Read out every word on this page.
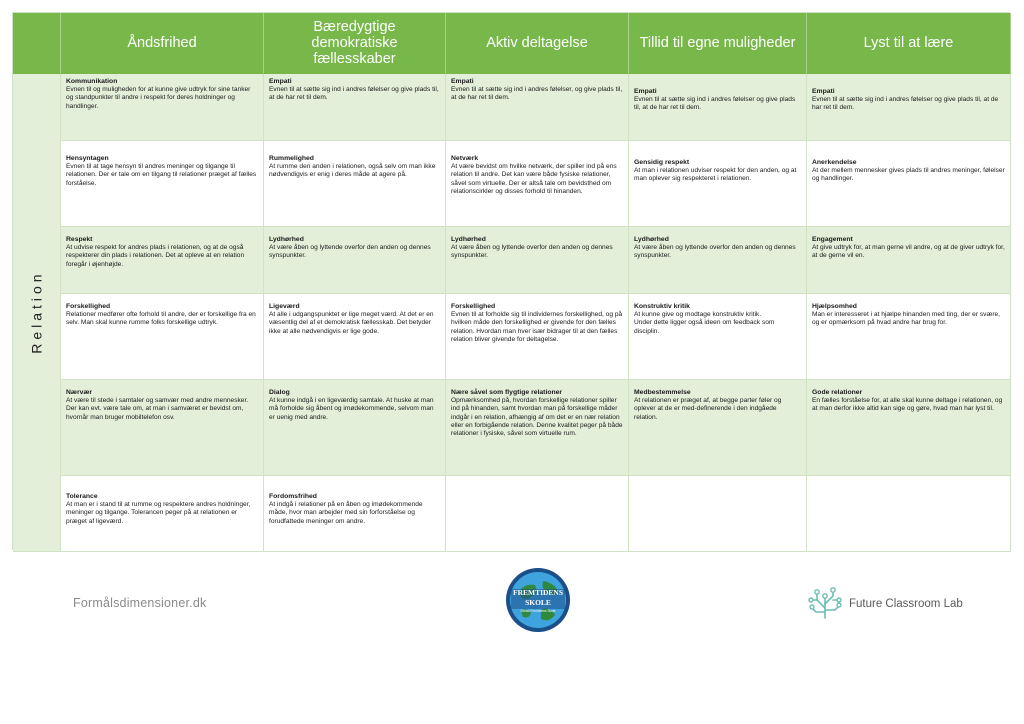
Åndsfrihed
Bæredygtige demokratiske fællesskaber
Aktiv deltagelse	Tillid til egne muligheder	Lyst til at lære
Relation
Kommunikation

Evnen til og muligheden for at kunne give udtryk for sine tanker og standpunkter til andre i respekt for deres holdninger og handlinger.

Empati

Evnen til at sætte sig ind i andres følelser og give plads til, at de har ret til dem.

Empati

Evnen til at sætte sig ind i andres følelser, og give plads til, at de har ret til dem.

Empati

Evnen til at sætte sig ind i andres følelser og give plads til, at de har ret til dem.

Empati

Evnen til at sætte sig ind i andres følelser og give plads til, at de har ret til dem.

Hensyntagen

Evnen til at tage hensyn til andres meninger og tilgange til relationen. Der er tale om en tilgang til relationer præget af fælles forståelse.

Rummelighed

At rumme den anden i relationen, også selv om man ikke nødvendigvis er enig i deres måde at agere på.

Netværk

At være bevidst om hvilke netværk, der spiller ind på ens relation til andre. Det kan være både fysiske relationer, såvel som virtuelle. Der er altså tale om bevidsthed om relationscirkler og disses forhold til hinanden.

Gensidig respekt

At man i relationen udviser respekt for den anden, og at man oplever sig respekteret i relationen.

Anerkendelse

At der mellem mennesker gives plads til andres meninger, følelser og handlinger.

Respekt

At udvise respekt for andres plads i relationen, og at de også respekterer din plads i relationen. Det at opleve at en relation foregår i øjenhøjde.

Lydhørhed

At være åben og lyttende overfor den anden og dennes synspunkter.

Lydhørhed

At være åben og lyttende overfor den anden og dennes synspunkter.

Lydhørhed

At være åben og lyttende overfor den anden og dennes synspunkter.

Engagement

At give udtryk for, at man gerne vil andre, og at de giver udtryk for, at de gerne vil en.

Forskellighed

Relationer medfører ofte forhold til andre, der er forskellige fra en selv. Man skal kunne rumme folks forskellige udtryk.

Ligeværd

At alle i udgangspunktet er lige meget værd. At det er en væsentlig del af et demokratisk fællesskab. Det betyder ikke at alle nødvendigvis er lige gode.

Forskellighed

Evnen til at forholde sig til individernes forskellighed, og på hvilken måde den forskellighed er givende for den fælles relation. Hvordan man hver især bidrager til at den fælles relation bliver givende for deltagelse.

Konstruktiv kritik

At kunne give og modtage konstruktiv kritik.
Under dette ligger også ideen om feedback som disciplin.

Hjælpsomhed

Man er interesseret i at hjælpe hinanden med ting, der er svære, og er opmærksom på hvad andre har brug for.

Nærvær

At være til stede i samtaler og samvær med andre mennesker. Der kan evt. være tale om, at man i samværet er bevidst om, hvornår man bruger mobiltelefon osv.

Dialog

At kunne indgå i en ligeværdig samtale. At huske at man må forholde sig åbent og imødekommende, selvom man er uenig med andre.

Nære såvel som flygtige relationer

Opmærksomhed på, hvordan forskellige relationer spiller ind på hinanden, samt hvordan man på forskellige måder indgår i en relation, afhængig af om det er en nær relation eller en forbigående relation. Denne kvalitet peger på både relationer i fysiske, såvel som virtuelle rum.

Medbestemmelse

At relationen er præget af, at begge parter føler og oplever at de er med-definerende i den indgåede relation.

Gode relationer

En fælles forståelse for, at alle skal kunne deltage i relationen, og at man derfor ikke altid kan sige og gøre, hvad man har lyst til.

Tolerance

At man er i stand til at rumme og respektere andres holdninger, meninger og tilgange. Tolerancen peger på at relationen er præget af ligeværd.

Fordomsfrihed

At indgå i relationer på en åben og imødekommende måde, hvor man arbejder med sin forforståelse og forudfattede meninger om andre.

Formålsdimensioner.dk
FREMTIDENS
SKOLE
Dansk Fremtidens Skole
Future Classroom Lab
